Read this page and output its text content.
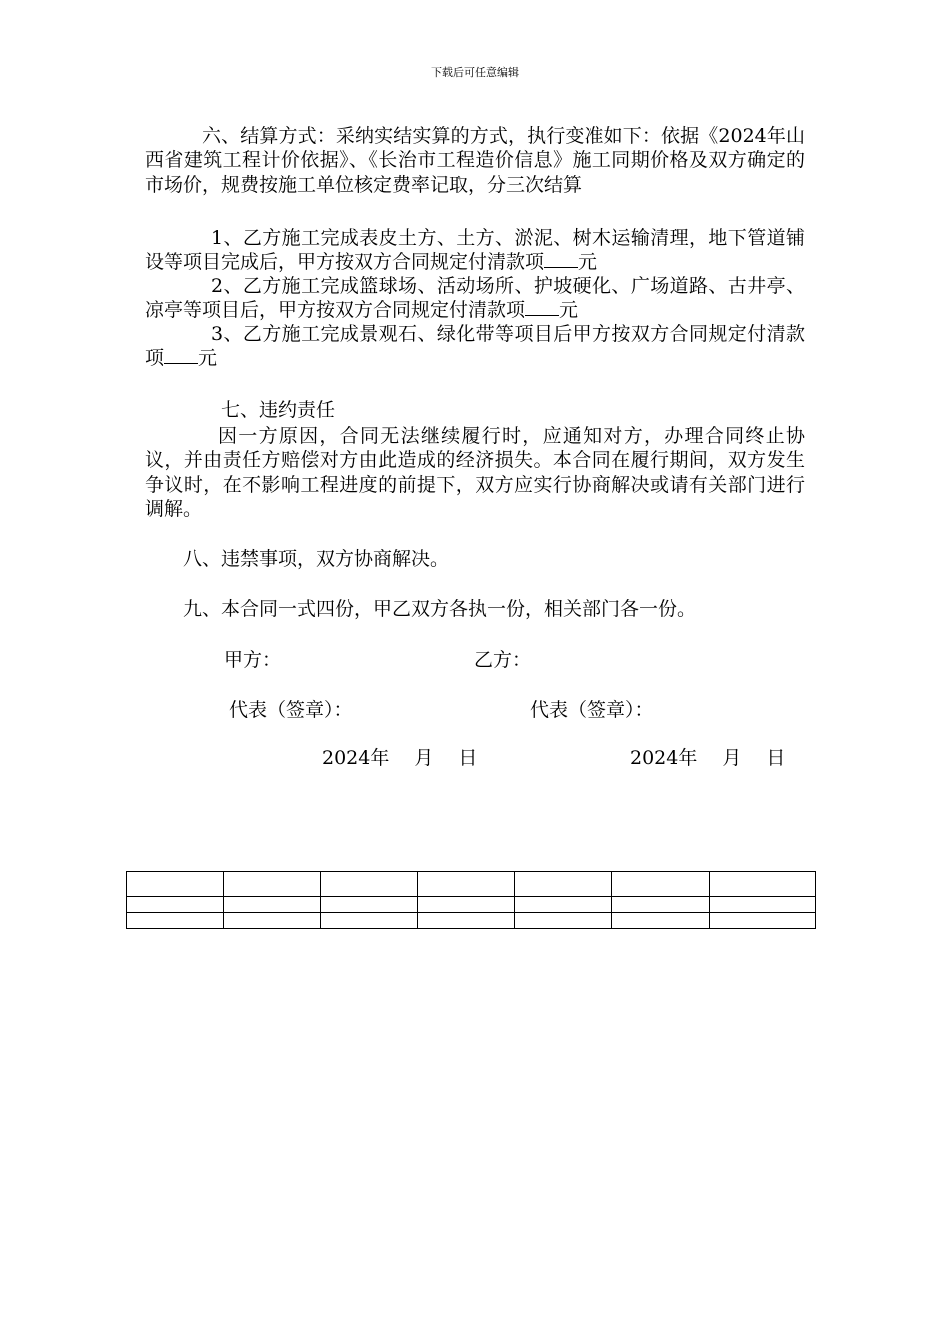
下载后可任意编辑

六、结算方式：采纳实结实算的方式，执行变准如下：依据《2024年山西省建筑工程计价依据》、《长治市工程造价信息》施工同期价格及双方确定的市场价，规费按施工单位核定费率记取，分三次结算

1、乙方施工完成表皮土方、土方、淤泥、树木运输清理，地下管道铺设等项目完成后，甲方按双方合同规定付清款项 元

2、乙方施工完成篮球场、活动场所、护坡硬化、广场道路、古井亭、凉亭等项目后，甲方按双方合同规定付清款项 元

3、乙方施工完成景观石、绿化带等项目后甲方按双方合同规定付清款项 元

七、违约责任

因一方原因，合同无法继续履行时，应通知对方，办理合同终止协议，并由责任方赔偿对方由此造成的经济损失。本合同在履行期间，双方发生争议时，在不影响工程进度的前提下，双方应实行协商解决或请有关部门进行调解。

八、违禁事项，双方协商解决。
九、本合同一式四份，甲乙双方各执一份，相关部门各一份。
甲方：	乙方：
代表（签章）：	代表（签章）：
2024年　 月　 日	2024年　 月　 日
